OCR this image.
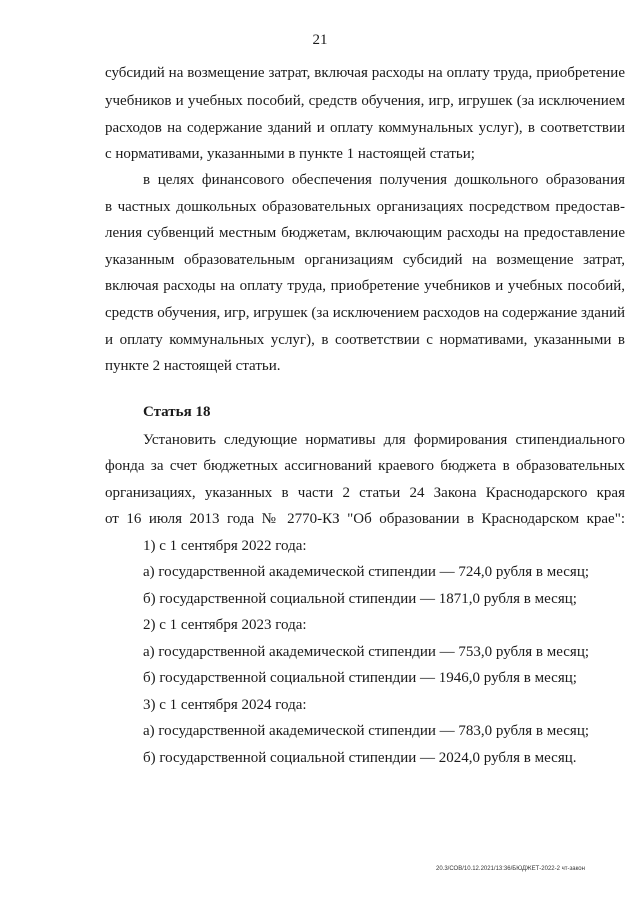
21
субсидий на возмещение затрат, включая расходы на оплату труда, приобретение
учебников и учебных пособий, средств обучения, игр, игрушек (за исключением
расходов на содержание зданий и оплату коммунальных услуг), в соответствии
с нормативами, указанными в пункте 1 настоящей статьи;
в целях финансового обеспечения получения дошкольного образования
в частных дошкольных образовательных организациях посредством предостав-
ления субвенций местным бюджетам, включающим расходы на предоставление
указанным образовательным организациям субсидий на возмещение затрат,
включая расходы на оплату труда, приобретение учебников и учебных пособий,
средств обучения, игр, игрушек (за исключением расходов на содержание зданий
и оплату коммунальных услуг), в соответствии с нормативами, указанными в
пункте 2 настоящей статьи.
Статья 18
Установить следующие нормативы для формирования стипендиального
фонда за счет бюджетных ассигнований краевого бюджета в образовательных
организациях, указанных в части 2 статьи 24 Закона Краснодарского края
от 16 июля 2013 года № 2770-КЗ "Об образовании в Краснодарском крае":
1) с 1 сентября 2022 года:
а) государственной академической стипендии — 724,0 рубля в месяц;
б) государственной социальной стипендии — 1871,0 рубля в месяц;
2) с 1 сентября 2023 года:
а) государственной академической стипендии — 753,0 рубля в месяц;
б) государственной социальной стипендии — 1946,0 рубля в месяц;
3) с 1 сентября 2024 года:
а) государственной академической стипендии — 783,0 рубля в месяц;
б) государственной социальной стипендии — 2024,0 рубля в месяц.
20.3/СОВ/10.12.2021/13:36/БЮДЖЕТ-2022-2 чт-закон
